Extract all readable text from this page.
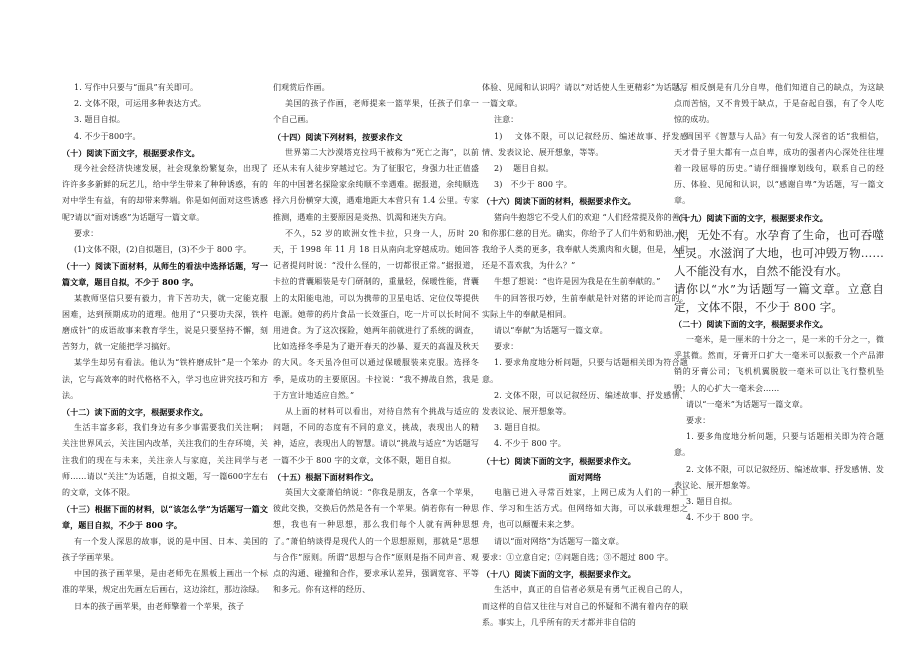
1. 写作中只要与“面具”有关即可。

2. 文体不限，可运用多种表达方式。

3. 题目自拟。

4. 不少于800字。

（十）阅读下面文字，根据要求作文。

现今社会经济快速发展，社会现象纷繁复杂，出现了许许多多新鲜的玩艺儿，给中学生带来了种种诱惑，有的对中学生有益，有的却带来弊端。你是如何面对这些诱惑呢?请以“面对诱惑”为话题写一篇文章。

要求：

(1)文体不限，(2)自拟题目，(3)不少于 800 字。

（十一）阅读下面材料，从师生的看法中选择话题，写一篇文章，题目自拟，不少于 800 字。

某教师坚信只要有毅力，肯下苦功夫，就一定能克服困难，达到预期成功的道理。他用了“只要功夫深，铁杵磨成针”的成语故事来教育学生，说是只要坚持不懈，刻苦努力，就一定能把学习搞好。

某学生却另有看法。他认为“铁杵磨成针”是一个笨办法，它与高效率的时代格格不入，学习也应讲究技巧和方法。

（十二）读下面的文字，根据要求作文。

生活丰富多彩，我们身边有多少事需要我们关注啊；关注世界风云，关注国内改革，关注我们的生存环境，关注我们的现在与未来，关注亲人与家庭，关注同学与老师……请以“关注”为话题，自拟文题，写一篇600字左右的文章，文体不限。

（十三）根据下面的材料，以“该怎么学”为话题写一篇文章，题目自拟，不少于 800 字。

有一个发人深思的故事，说的是中国、日本、美国的孩子学画苹果。

中国的孩子画苹果，是由老师先在黑板上画出一个标准的苹果，规定出先画左后画右，这边涂红，那边涂绿。

日本的孩子画苹果，由老师擎着一个苹果，孩子

们观赏后作画。

美国的孩子作画，老师提来一篮苹果，任孩子们拿一个自己画。

（十四）阅读下列材料，按要求作文

世界第二大沙漠塔克拉玛干被称为“死亡之海”，以前还从未有人徒步穿越过它。为了征服它，身强力壮正值盛年的中国著名探险家余纯顺不幸遇难。据报道，余纯顺选择六月份横穿大漠，遇难地距大本营只有 1.4 公里。专家推测，遇难的主要原因是炎热、饥渴和迷失方向。

不久，52 岁的欧洲女性卡拉，只身一人，历时 20 天，于 1998 年 11 月 18 日从南向北穿越成功。她回答记者提问时说：“没什么怪的，一切都很正常。”据报道，卡拉的背囊厢装是专门研制的，重量轻，保暖性能，背囊上的太阳能电池，可以为携带的卫星电话、定位仪等提供电源。她带的药片食品一长效蛋白，吃一片可以长时间不用进食。为了这次探险，她两年前就进行了系统的调查，比如选择冬季是为了避开春天的沙暴、夏天的高温及秋天的大风。冬天虽冷但可以通过保暖服装来克服。选择冬季，是成功的主要原因。卡拉说：“我不搏战自然，我是于方宣计地适应自然。”

从上面的材料可以看出，对待自然有个挑战与适应的问题，不同的态度有不同的意义，挑战，表现出人的精神，适应，表现出人的智慧。请以“挑战与适应”为话题写一篇不少于 800 字的文章，文体不限，题目自拟。

（十五）根据下面材料作文。

英国大文豪萧伯纳说：“你我是朋友，各拿一个苹果，彼此交换，交换后仍然是各有一个苹果。倘若你有一种思想，我也有一种思想，那么我们每个人就有两种思想了。”萧伯纳谈得是现代人的一个思想原则，那就是“思想与合作”原则。所谓“思想与合作”原则是指不同声音、观点的沟通、碰撞和合作，要求承认差异，强调宽容、平等和多元。你有这样的经历、

体验、见闻和认识吗？请以“对话使人生更精彩”为话题写一篇文章。

注意：

1)　 文体不限，可以记叙经历、编述故事、抒发感情、发表议论、展开想象，等等。

2)　 题目自拟。

3)　不少于 800 字。

（十六）阅读下面的材料，根据要求作文。

猪向牛抱怨它不受人们的欢迎 “人们经常提及你的善良和你那仁慈的目光。确实，你给予了人们牛奶和奶油，但我给予人类的更多，我奉献人类熏肉和火腿，但是，人们还是不喜欢我，为什么？”

牛想了想说：“也许是因为我是在生前奉献的。”

牛的回答很巧妙，生前奉献是针对猪的评论而言的。实际上牛的奉献是相同。

请以“奉献”为话题写一篇文章。

要求：

1. 要求角度地分析问题，只要与话题相关即为符合题意。

2. 文体不限，可以记叙经历、编述故事、抒发感情、发表议论、展开想象等。

3. 题目自拟。

4. 不少于 800 字。

（十七）阅读下面的文字，根据要求作文。

面对网络

电脑已进入寻常百姓家，上网已成为人们的一种工作、学习和生活方式。但网络如大海，可以承载理想之舟，也可以颠覆未来之梦。

请以“面对网络”为话题写一篇文章。

要求：①立意自定；②问题自选；③不超过 800 字。

（十八）阅读下面的文字，根据要求作文。

生活中，真正的自信者必须是有勇气正视自己的人，而这样的自信又往往与对自己的怀疑和不满有着内存的联系。事实上，几乎所有的天才都并非自信的

人，相反倒是有几分自卑，他们知道自己的缺点，为这缺点而苦恼，又不肯毁于缺点，于是奋起自强，有了令人吃惊的成功。

周国平《智慧与人品》有一句发人深省的话“我相信，天才骨子里大都有一点自卑，成功的强者内心深处往往埋着一段屈辱的历史。”请仔细揣摩划线句，联系自己的经历、体验、见闻和认识，以“感谢自卑”为话题，写一篇文章。

（十九）阅读下面的文字，根据要求作文。

水，无处不有。水孕育了生命，也可吞噬生灵。水滋润了大地，也可冲毁万物……人不能没有水，自然不能没有水。

请你以“水”为话题写一篇文章。立意自定，文体不限，不少于 800 字。

（二十）阅读下面的文字，根据要求作文。

一毫米，是一厘米的十分之一，是一米的千分之一，微乎其微。然而，牙膏开口扩大一毫米可以振救一个产品滞销的牙膏公司；飞机机翼脱胶一毫米可以让飞行整机坠毁；人的心扩大一毫米会……

请以“一毫米”为话题写一篇文章。

要求：

1. 要多角度地分析问题，只要与话题相关即为符合题意。

2. 文体不限，可以记叙经历、编述故事、抒发感情、发表议论、展开想象等。

3. 题目自拟。

4. 不少于 800 字。
